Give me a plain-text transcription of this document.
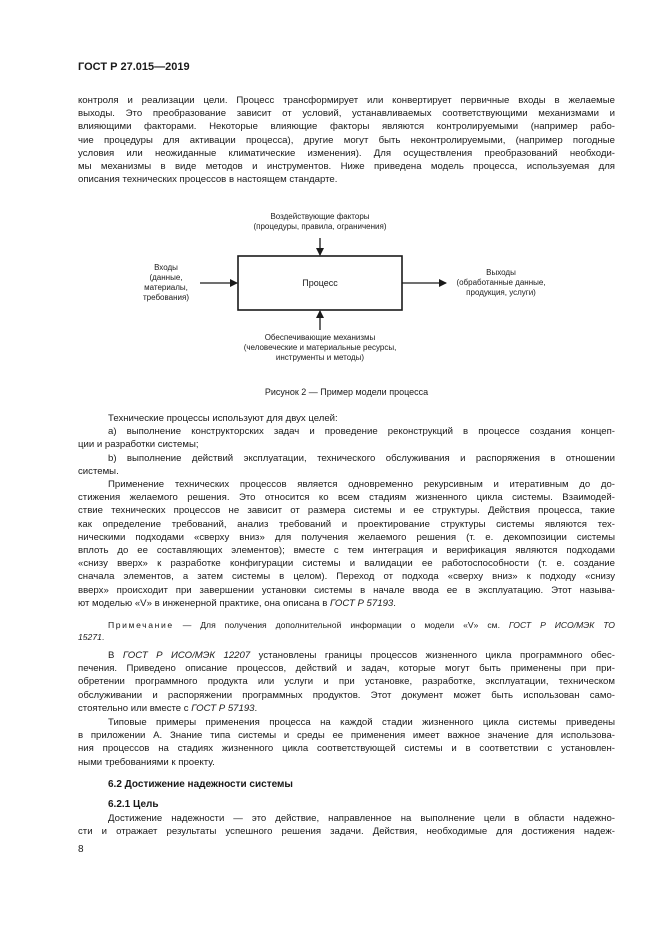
ГОСТ Р 27.015—2019
контроля и реализации цели. Процесс трансформирует или конвертирует первичные входы в желаемые
выходы. Это преобразование зависит от условий, устанавливаемых соответствующими механизмами и
влияющими факторами. Некоторые влияющие факторы являются контролируемыми (например рабо-
чие процедуры для активации процесса), другие могут быть неконтролируемыми, (например погодные
условия или неожиданные климатические изменения). Для осуществления преобразований необходи-
мы механизмы в виде методов и инструментов. Ниже приведена модель процесса, используемая для
описания технических процессов в настоящем стандарте.
Воздействующие факторы
(процедуры, правила, ограничения)
Входы
(данные,
материалы,
требования)
Процесс
Выходы
(обработанные данные,
продукция, услуги)
Обеспечивающие механизмы
(человеческие и материальные ресурсы,
инструменты и методы)
Рисунок 2 — Пример модели процесса
Технические процессы используют для двух целей:
а) выполнение конструкторских задач и проведение реконструкций в процессе создания концеп-
ции и разработки системы;
b) выполнение действий эксплуатации, технического обслуживания и распоряжения в отношении
системы.
Применение технических процессов является одновременно рекурсивным и итеративным до до-
стижения желаемого решения. Это относится ко всем стадиям жизненного цикла системы. Взаимодей-
ствие технических процессов не зависит от размера системы и ее структуры. Действия процесса, такие
как определение требований, анализ требований и проектирование структуры системы являются тех-
ническими подходами «сверху вниз» для получения желаемого решения (т. е. декомпозиции системы
вплоть до ее составляющих элементов); вместе с тем интеграция и верификация являются подходами
«снизу вверх» к разработке конфигурации системы и валидации ее работоспособности (т. е. создание
сначала элементов, а затем системы в целом). Переход от подхода «сверху вниз» к подходу «снизу
вверх» происходит при завершении установки системы в начале ввода ее в эксплуатацию. Этот называ-
ют моделью «V» в инженерной практике, она описана в ГОСТ Р 57193.
Примечание — Для получения дополнительной информации о модели «V» см. ГОСТ Р ИСО/МЭК ТО
15271.
В ГОСТ Р ИСО/МЭК 12207 установлены границы процессов жизненного цикла программного обес-
печения. Приведено описание процессов, действий и задач, которые могут быть применены при при-
обретении программного продукта или услуги и при установке, разработке, эксплуатации, техническом
обслуживании и распоряжении программных продуктов. Этот документ может быть использован само-
стоятельно или вместе с ГОСТ Р 57193.
Типовые примеры применения процесса на каждой стадии жизненного цикла системы приведены
в приложении А. Знание типа системы и среды ее применения имеет важное значение для использова-
ния процессов на стадиях жизненного цикла соответствующей системы и в соответствии с установлен-
ными требованиями к проекту.
6.2 Достижение надежности системы
6.2.1 Цель
Достижение надежности — это действие, направленное на выполнение цели в области надежно-
сти и отражает результаты успешного решения задачи. Действия, необходимые для достижения надеж-
8
